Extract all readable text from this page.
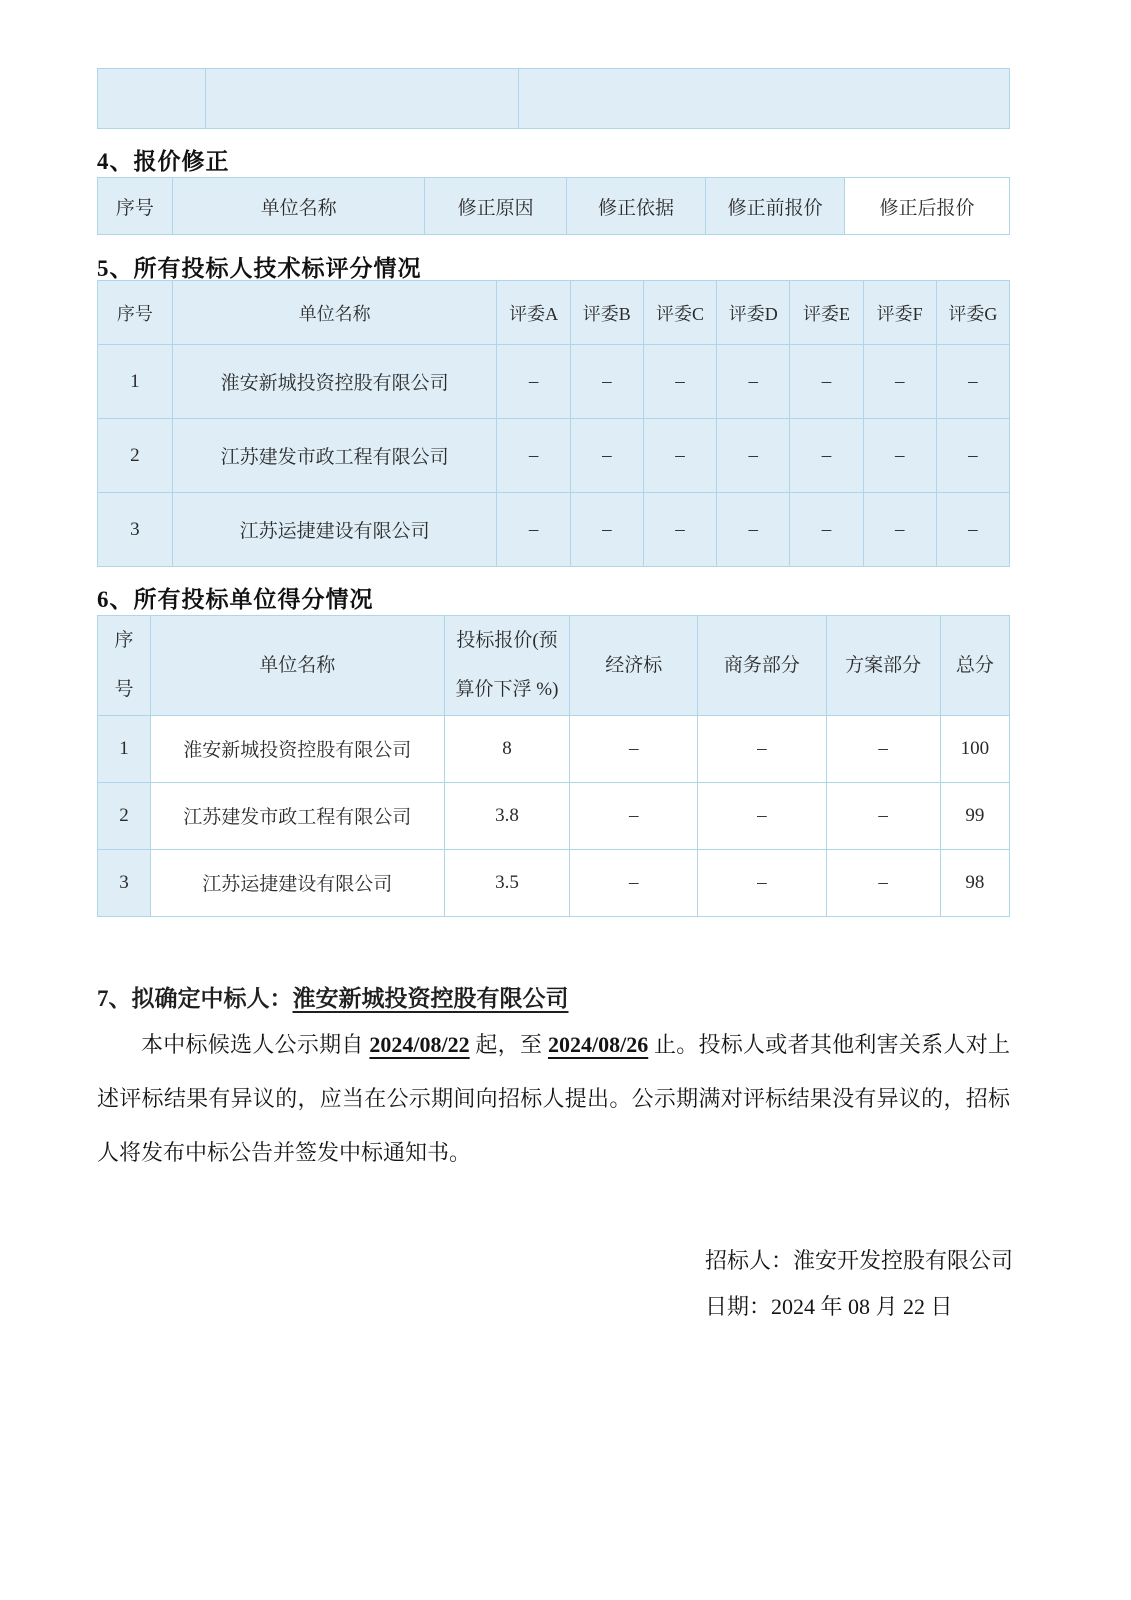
4、报价修正
序号	单位名称	修正原因	修正依据	修正前报价	修正后报价
5、所有投标人技术标评分情况
序号	单位名称	评委A	评委B	评委C	评委D	评委E	评委F	评委G
1	淮安新城投资控股有限公司	–	–	–	–	–	–	–
2	江苏建发市政工程有限公司	–	–	–	–	–	–	–
3	江苏运捷建设有限公司	–	–	–	–	–	–	–
6、所有投标单位得分情况
序号	单位名称	投标报价(预算价下浮 %)	经济标	商务部分	方案部分	总分
1	淮安新城投资控股有限公司	8	–	–	–	100
2	江苏建发市政工程有限公司	3.8	–	–	–	99
3	江苏运捷建设有限公司	3.5	–	–	–	98
7、拟确定中标人：淮安新城投资控股有限公司
本中标候选人公示期自 2024/08/22 起，至 2024/08/26 止。投标人或者其他利害关系人对上述评标结果有异议的，应当在公示期间向招标人提出。公示期满对评标结果没有异议的，招标人将发布中标公告并签发中标通知书。
招标人：淮安开发控股有限公司
日期：2024 年 08 月 22 日
